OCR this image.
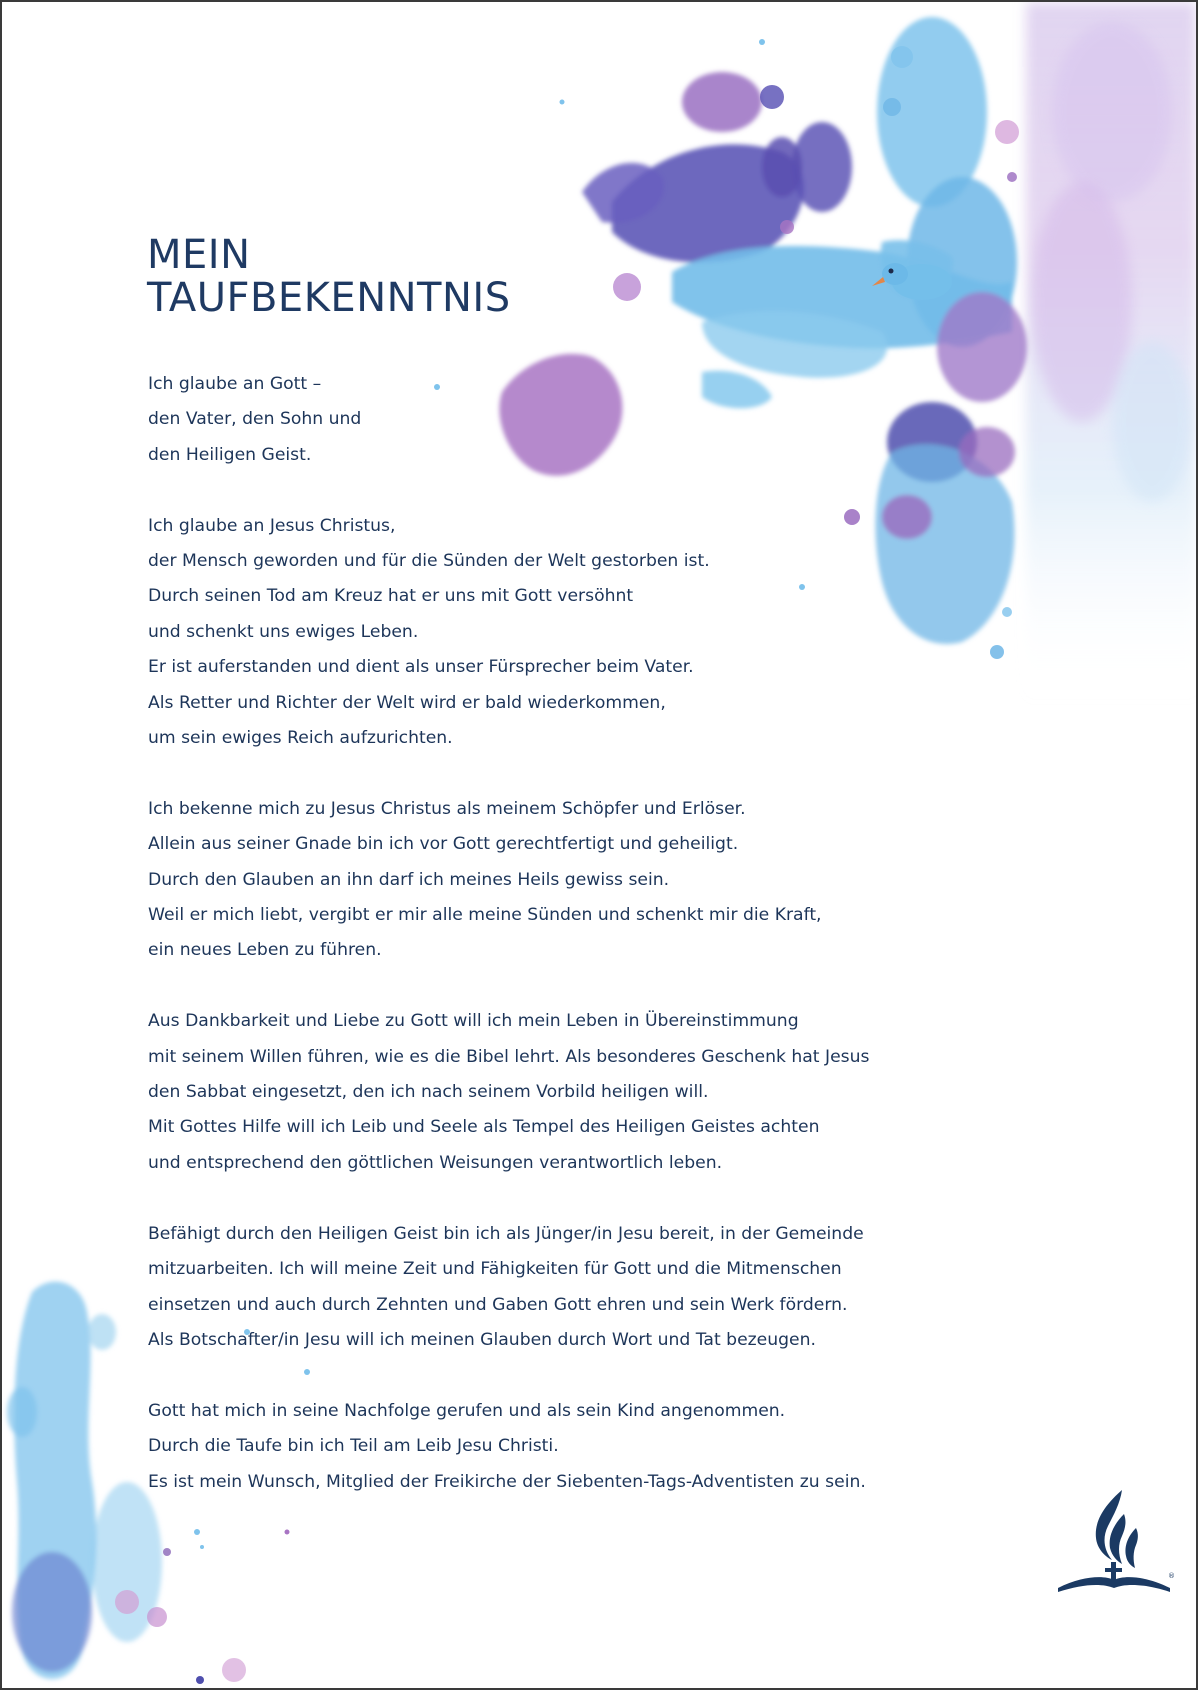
MEIN
TAUFBEKENNTNIS

Ich glaube an Gott –
den Vater, den Sohn und
den Heiligen Geist.

Ich glaube an Jesus Christus,
der Mensch geworden und für die Sünden der Welt gestorben ist.
Durch seinen Tod am Kreuz hat er uns mit Gott versöhnt
und schenkt uns ewiges Leben.
Er ist auferstanden und dient als unser Fürsprecher beim Vater.
Als Retter und Richter der Welt wird er bald wiederkommen,
um sein ewiges Reich aufzurichten.

Ich bekenne mich zu Jesus Christus als meinem Schöpfer und Erlöser.
Allein aus seiner Gnade bin ich vor Gott gerechtfertigt und geheiligt.
Durch den Glauben an ihn darf ich meines Heils gewiss sein.
Weil er mich liebt, vergibt er mir alle meine Sünden und schenkt mir die Kraft,
ein neues Leben zu führen.

Aus Dankbarkeit und Liebe zu Gott will ich mein Leben in Übereinstimmung
mit seinem Willen führen, wie es die Bibel lehrt. Als besonderes Geschenk hat Jesus
den Sabbat eingesetzt, den ich nach seinem Vorbild heiligen will.
Mit Gottes Hilfe will ich Leib und Seele als Tempel des Heiligen Geistes achten
und entsprechend den göttlichen Weisungen verantwortlich leben.

Befähigt durch den Heiligen Geist bin ich als Jünger/in Jesu bereit, in der Gemeinde
mitzuarbeiten. Ich will meine Zeit und Fähigkeiten für Gott und die Mitmenschen
einsetzen und auch durch Zehnten und Gaben Gott ehren und sein Werk fördern.
Als Botschafter/in Jesu will ich meinen Glauben durch Wort und Tat bezeugen.

Gott hat mich in seine Nachfolge gerufen und als sein Kind angenommen.
Durch die Taufe bin ich Teil am Leib Jesu Christi.
Es ist mein Wunsch, Mitglied der Freikirche der Siebenten-Tags-Adventisten zu sein.

®
